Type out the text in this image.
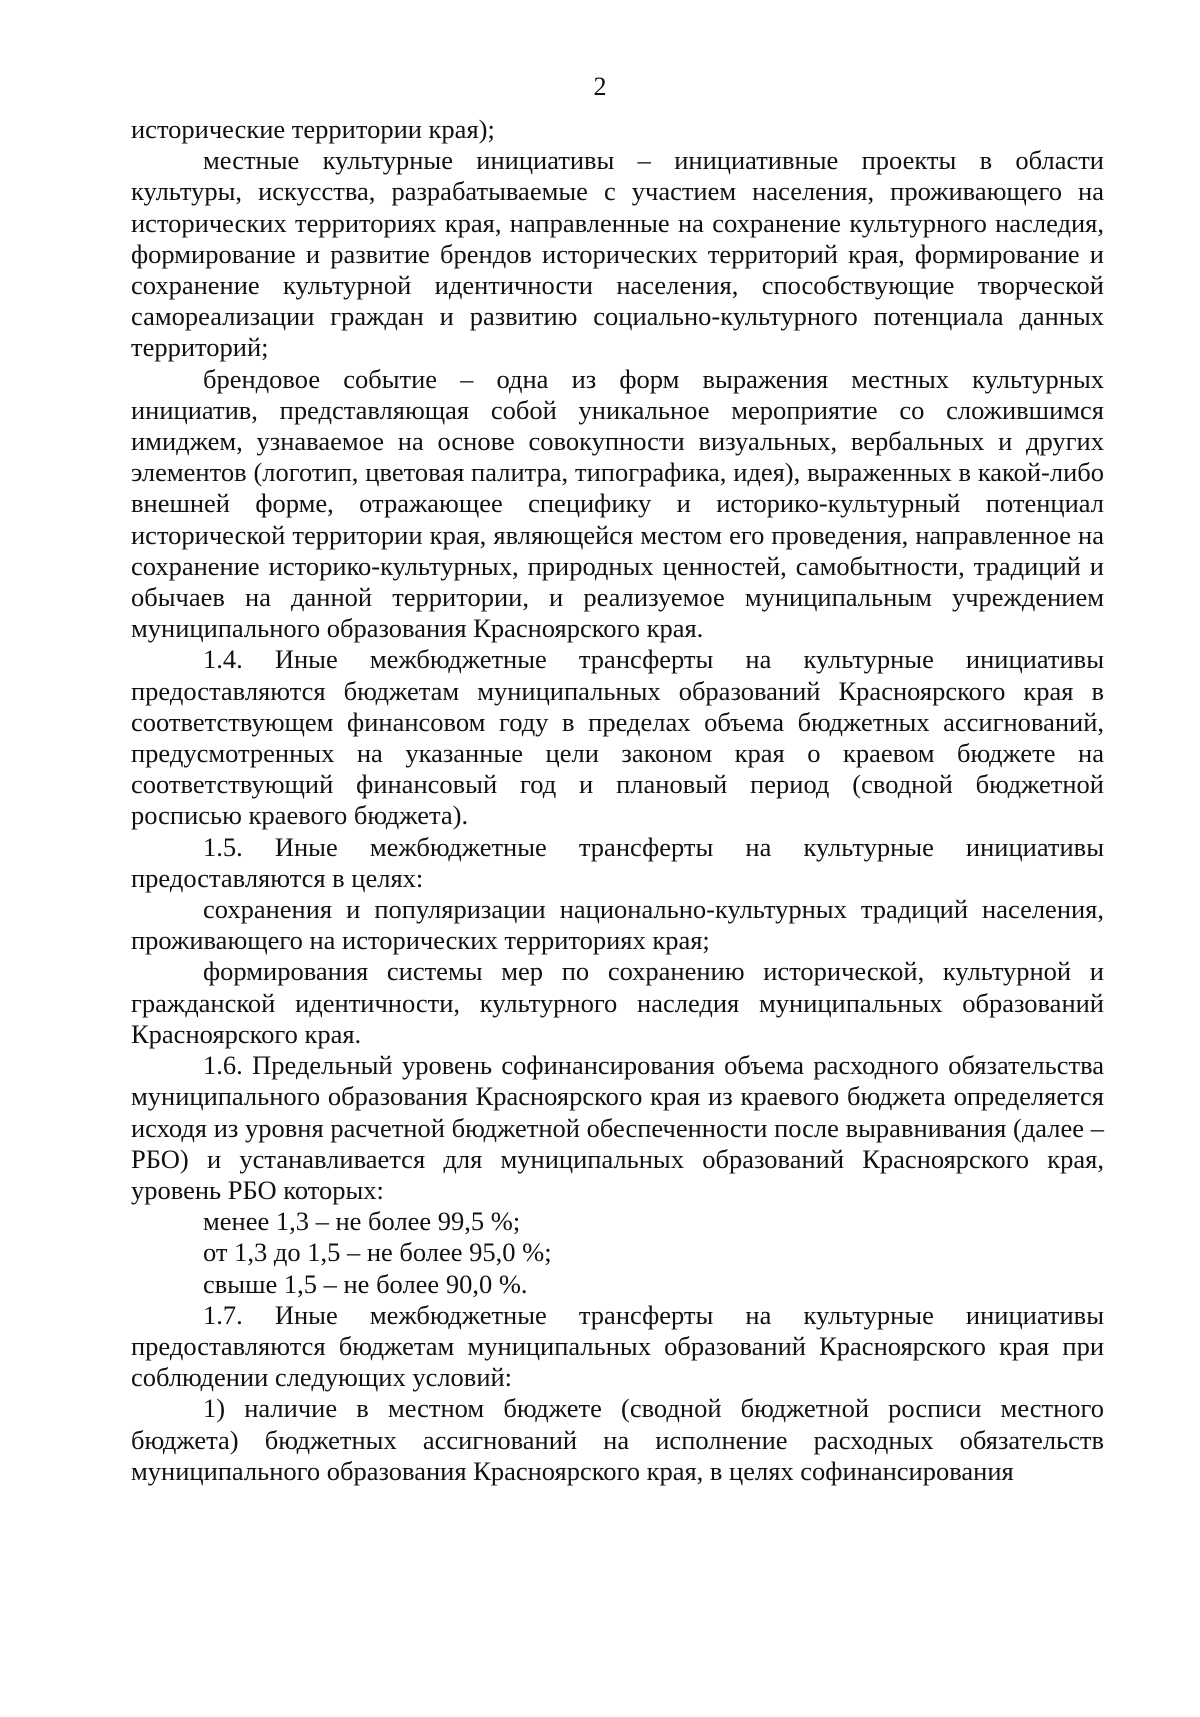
2

исторические территории края);

местные культурные инициативы – инициативные проекты в области культуры, искусства, разрабатываемые с участием населения, проживающего на исторических территориях края, направленные на сохранение культурного наследия, формирование и развитие брендов исторических территорий края, формирование и сохранение культурной идентичности населения, способствующие творческой самореализации граждан и развитию социально-культурного потенциала данных территорий;

брендовое событие – одна из форм выражения местных культурных инициатив, представляющая собой уникальное мероприятие со сложившимся имиджем, узнаваемое на основе совокупности визуальных, вербальных и других элементов (логотип, цветовая палитра, типографика, идея), выраженных в какой-либо внешней форме, отражающее специфику и историко-культурный потенциал исторической территории края, являющейся местом его проведения, направленное на сохранение историко-культурных, природных ценностей, самобытности, традиций и обычаев на данной территории, и реализуемое муниципальным учреждением муниципального образования Красноярского края.

1.4. Иные межбюджетные трансферты на культурные инициативы предоставляются бюджетам муниципальных образований Красноярского края в соответствующем финансовом году в пределах объема бюджетных ассигнований, предусмотренных на указанные цели законом края о краевом бюджете на соответствующий финансовый год и плановый период (сводной бюджетной росписью краевого бюджета).

1.5. Иные межбюджетные трансферты на культурные инициативы предоставляются в целях:

сохранения и популяризации национально-культурных традиций населения, проживающего на исторических территориях края;

формирования системы мер по сохранению исторической, культурной и гражданской идентичности, культурного наследия муниципальных образований Красноярского края.

1.6. Предельный уровень софинансирования объема расходного обязательства муниципального образования Красноярского края из краевого бюджета определяется исходя из уровня расчетной бюджетной обеспеченности после выравнивания (далее – РБО) и устанавливается для муниципальных образований Красноярского края, уровень РБО которых:

менее 1,3 – не более 99,5 %;

от 1,3 до 1,5 – не более 95,0 %;

свыше 1,5 – не более 90,0 %.

1.7. Иные межбюджетные трансферты на культурные инициативы предоставляются бюджетам муниципальных образований Красноярского края при соблюдении следующих условий:

1) наличие в местном бюджете (сводной бюджетной росписи местного бюджета) бюджетных ассигнований на исполнение расходных обязательств муниципального образования Красноярского края, в целях софинансирования
